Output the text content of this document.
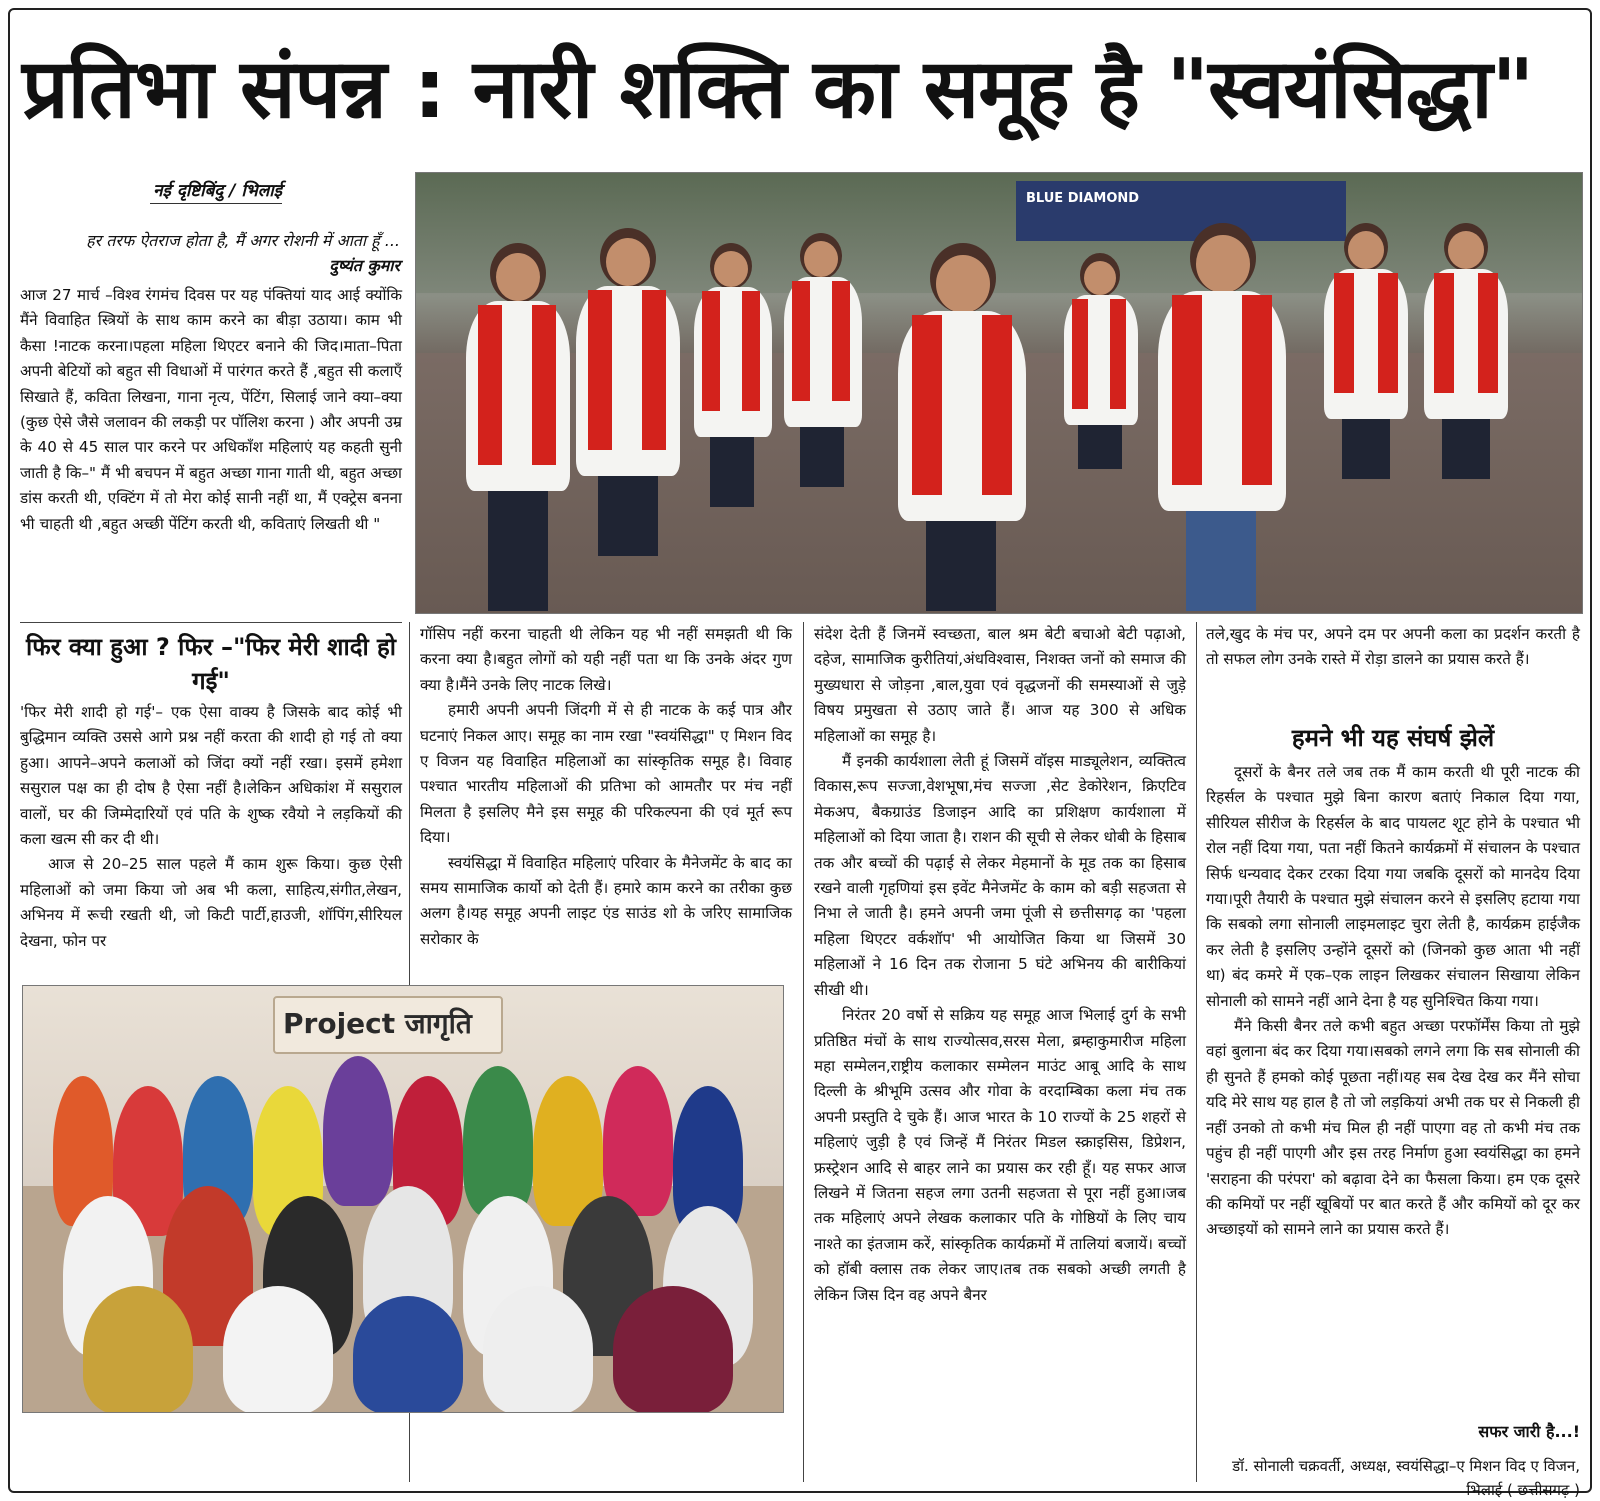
प्रतिभा संपन्न : नारी शक्ति का समूह है "स्वयंसिद्धा"
नई दृष्टिबिंदु / भिलाई
हर तरफ ऐतराज होता है, मैं अगर रोशनी में आता हूँ ...
दुष्यंत कुमार

आज 27 मार्च –विश्व रंगमंच दिवस पर यह पंक्तियां याद आई क्योंकि मैंने विवाहित स्त्रियों के साथ काम करने का बीड़ा उठाया। काम भी कैसा !नाटक करना।पहला महिला थिएटर बनाने की जिद।माता–पिता अपनी बेटियों को बहुत सी विधाओं में पारंगत करते हैं ,बहुत सी कलाएँ सिखाते हैं, कविता लिखना, गाना नृत्य, पेंटिंग, सिलाई जाने क्या–क्या (कुछ ऐसे जैसे जलावन की लकड़ी पर पॉलिश करना ) और अपनी उम्र के 40 से 45 साल पार करने पर अधिकाँश महिलाएं यह कहती सुनी जाती है कि–" मैं भी बचपन में बहुत अच्छा गाना गाती थी, बहुत अच्छा डांस करती थी, एक्टिंग में तो मेरा कोई सानी नहीं था, मैं एक्ट्रेस बनना भी चाहती थी ,बहुत अच्छी पेंटिंग करती थी, कविताएं लिखती थी "

फिर क्या हुआ ? फिर –"फिर मेरी शादी हो गई"

'फिर मेरी शादी हो गई'– एक ऐसा वाक्य है जिसके बाद कोई भी बुद्धिमान व्यक्ति उससे आगे प्रश्न नहीं करता की शादी हो गई तो क्या हुआ। आपने–अपने कलाओं को जिंदा क्यों नहीं रखा। इसमें हमेशा ससुराल पक्ष का ही दोष है ऐसा नहीं है।लेकिन अधिकांश में ससुराल वालों, घर की जिम्मेदारियों एवं पति के शुष्क रवैयो ने लड़कियों की कला खत्म सी कर दी थी।

आज से 20–25 साल पहले मैं काम शुरू किया। कुछ ऐसी महिलाओं को जमा किया जो अब भी कला, साहित्य,संगीत,लेखन, अभिनय में रूची रखती थी, जो किटी पार्टी,हाउजी, शॉपिंग,सीरियल देखना, फोन पर

गॉसिप नहीं करना चाहती थी लेकिन यह भी नहीं समझती थी कि करना क्या है।बहुत लोगों को यही नहीं पता था कि उनके अंदर गुण क्या है।मैंने उनके लिए नाटक लिखे।

हमारी अपनी अपनी जिंदगी में से ही नाटक के कई पात्र और घटनाएं निकल आए। समूह का नाम रखा "स्वयंसिद्धा" ए मिशन विद ए विजन यह विवाहित महिलाओं का सांस्कृतिक समूह है। विवाह पश्चात भारतीय महिलाओं की प्रतिभा को आमतौर पर मंच नहीं मिलता है इसलिए मैने इस समूह की परिकल्पना की एवं मूर्त रूप दिया।

स्वयंसिद्धा में विवाहित महिलाएं परिवार के मैनेजमेंट के बाद का समय सामाजिक कार्यो को देती हैं। हमारे काम करने का तरीका कुछ अलग है।यह समूह अपनी लाइट एंड साउंड शो के जरिए सामाजिक सरोकार के

संदेश देती हैं जिनमें स्वच्छता, बाल श्रम बेटी बचाओ बेटी पढ़ाओ, दहेज, सामाजिक कुरीतियां,अंधविश्वास, निशक्त जनों को समाज की मुख्यधारा से जोड़ना ,बाल,युवा एवं वृद्धजनों की समस्याओं से जुड़े विषय प्रमुखता से उठाए जाते हैं। आज यह 300 से अधिक महिलाओं का समूह है।

मैं इनकी कार्यशाला लेती हूं जिसमें वॉइस माड्यूलेशन, व्यक्तित्व विकास,रूप सज्जा,वेशभूषा,मंच सज्जा ,सेट डेकोरेशन, क्रिएटिव मेकअप, बैकग्राउंड डिजाइन आदि का प्रशिक्षण कार्यशाला में महिलाओं को दिया जाता है। राशन की सूची से लेकर धोबी के हिसाब तक और बच्चों की पढ़ाई से लेकर मेहमानों के मूड तक का हिसाब रखने वाली गृहणियां इस इवेंट मैनेजमेंट के काम को बड़ी सहजता से निभा ले जाती है। हमने अपनी जमा पूंजी से छत्तीसगढ़ का 'पहला महिला थिएटर वर्कशॉप' भी आयोजित किया था जिसमें 30 महिलाओं ने 16 दिन तक रोजाना 5 घंटे अभिनय की बारीकियां सीखी थी।

निरंतर 20 वर्षो से सक्रिय यह समूह आज भिलाई दुर्ग के सभी प्रतिष्ठित मंचों के साथ राज्योत्सव,सरस मेला, ब्रम्हाकुमारीज महिला महा सम्मेलन,राष्ट्रीय कलाकार सम्मेलन माउंट आबू आदि के साथ दिल्ली के श्रीभूमि उत्सव और गोवा के वरदाम्बिका कला मंच तक अपनी प्रस्तुति दे चुके हैं। आज भारत के 10 राज्यों के 25 शहरों से महिलाएं जुड़ी है एवं जिन्हें मैं निरंतर मिडल स्क्राइसिस, डिप्रेशन, फ्रस्ट्रेशन आदि से बाहर लाने का प्रयास कर रही हूँ। यह सफर आज लिखने में जितना सहज लगा उतनी सहजता से पूरा नहीं हुआ।जब तक महिलाएं अपने लेखक कलाकार पति के गोष्ठियों के लिए चाय नाश्ते का इंतजाम करें, सांस्कृतिक कार्यक्रमों में तालियां बजायें। बच्चों को हॉबी क्लास तक लेकर जाए।तब तक सबको अच्छी लगती है लेकिन जिस दिन वह अपने बैनर

तले,खुद के मंच पर, अपने दम पर अपनी कला का प्रदर्शन करती है तो सफल लोग उनके रास्ते में रोड़ा डालने का प्रयास करते हैं।

हमने भी यह संघर्ष झेलें

दूसरों के बैनर तले जब तक मैं काम करती थी पूरी नाटक की रिहर्सल के पश्चात मुझे बिना कारण बताएं निकाल दिया गया, सीरियल सीरीज के रिहर्सल के बाद पायलट शूट होने के पश्चात भी रोल नहीं दिया गया, पता नहीं कितने कार्यक्रमों में संचालन के पश्चात सिर्फ धन्यवाद देकर टरका दिया गया जबकि दूसरों को मानदेय दिया गया।पूरी तैयारी के पश्चात मुझे संचालन करने से इसलिए हटाया गया कि सबको लगा सोनाली लाइमलाइट चुरा लेती है, कार्यक्रम हाईजैक कर लेती है इसलिए उन्होंने दूसरों को (जिनको कुछ आता भी नहीं था) बंद कमरे में एक–एक लाइन लिखकर संचालन सिखाया लेकिन सोनाली को सामने नहीं आने देना है यह सुनिश्चित किया गया।

मैंने किसी बैनर तले कभी बहुत अच्छा परफॉर्मेंस किया तो मुझे वहां बुलाना बंद कर दिया गया।सबको लगने लगा कि सब सोनाली की ही सुनते हैं हमको कोई पूछता नहीं।यह सब देख देख कर मैंने सोचा यदि मेरे साथ यह हाल है तो जो लड़कियां अभी तक घर से निकली ही नहीं उनको तो कभी मंच मिल ही नहीं पाएगा वह तो कभी मंच तक पहुंच ही नहीं पाएगी और इस तरह निर्माण हुआ स्वयंसिद्धा का हमने 'सराहना की परंपरा' को बढ़ावा देने का फैसला किया। हम एक दूसरे की कमियों पर नहीं खूबियों पर बात करते हैं और कमियों को दूर कर अच्छाइयों को सामने लाने का प्रयास करते हैं।

सफर जारी है...!
डॉ. सोनाली चक्रवर्ती, अध्यक्ष, स्वयंसिद्धा–ए मिशन विद ए विजन, भिलाई ( छत्तीसगढ़ )
BLUE DIAMOND
Project जागृति
